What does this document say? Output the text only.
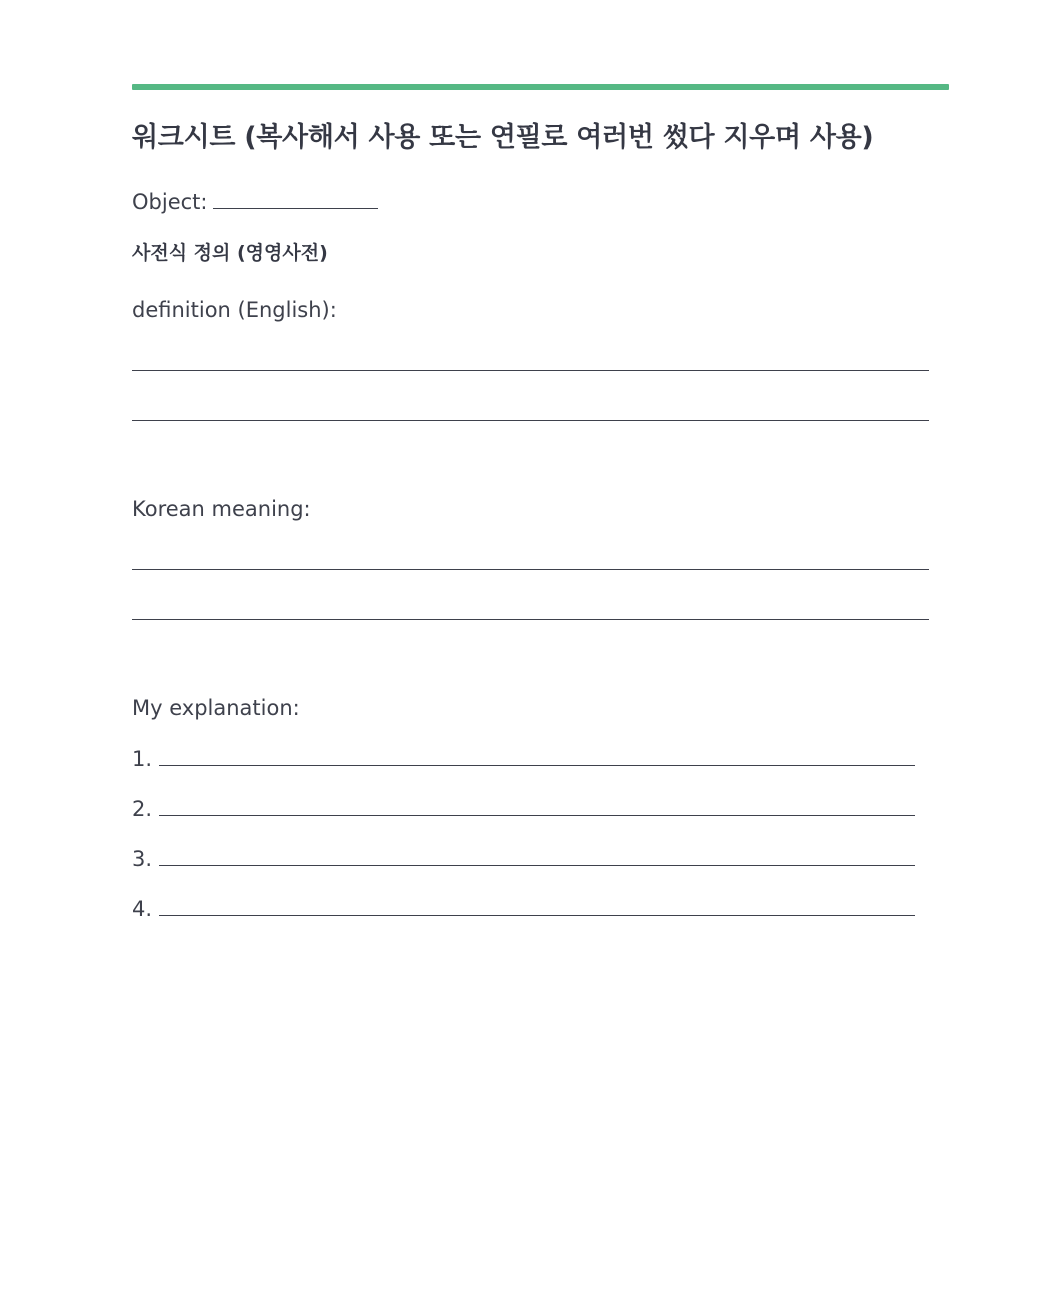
워크시트 (복사해서 사용 또는 연필로 여러번 썼다 지우며 사용)
Object:
사전식 정의 (영영사전)
definition (English):
Korean meaning:
My explanation:
1.
2.
3.
4.
